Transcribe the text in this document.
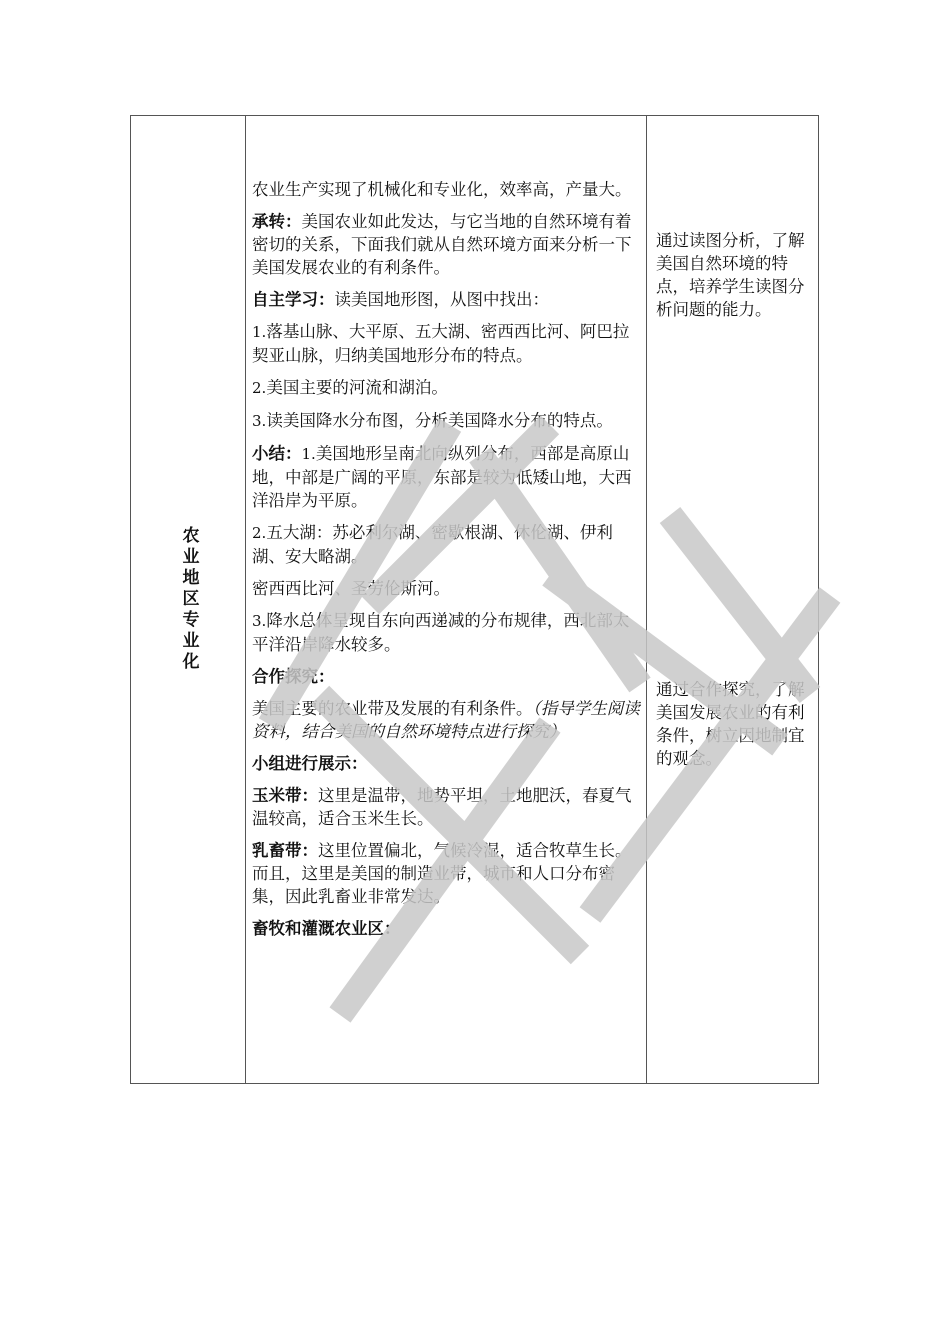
农业地区专业化

农业生产实现了机械化和专业化，效率高，产量大。

承转：美国农业如此发达，与它当地的自然环境有着密切的关系，下面我们就从自然环境方面来分析一下美国发展农业的有利条件。

自主学习：读美国地形图，从图中找出：

1.落基山脉、大平原、五大湖、密西西比河、阿巴拉契亚山脉，归纳美国地形分布的特点。

2.美国主要的河流和湖泊。

3.读美国降水分布图，分析美国降水分布的特点。

小结：1.美国地形呈南北向纵列分布，西部是高原山地，中部是广阔的平原，东部是较为低矮山地，大西洋沿岸为平原。

2.五大湖：苏必利尔湖、密歇根湖、休伦湖、伊利湖、安大略湖。

密西西比河、圣劳伦斯河。

3.降水总体呈现自东向西递减的分布规律，西北部太平洋沿岸降水较多。

合作探究：

美国主要的农业带及发展的有利条件。（指导学生阅读资料，结合美国的自然环境特点进行探究）

小组进行展示：

玉米带：这里是温带，地势平坦，土地肥沃，春夏气温较高，适合玉米生长。

乳畜带：这里位置偏北，气候冷湿，适合牧草生长。而且，这里是美国的制造业带，城市和人口分布密集，因此乳畜业非常发达。

畜牧和灌溉农业区：

通过读图分析，了解美国自然环境的特点，培养学生读图分析问题的能力。
通过合作探究，了解美国发展农业的有利条件，树立因地制宜的观念。
